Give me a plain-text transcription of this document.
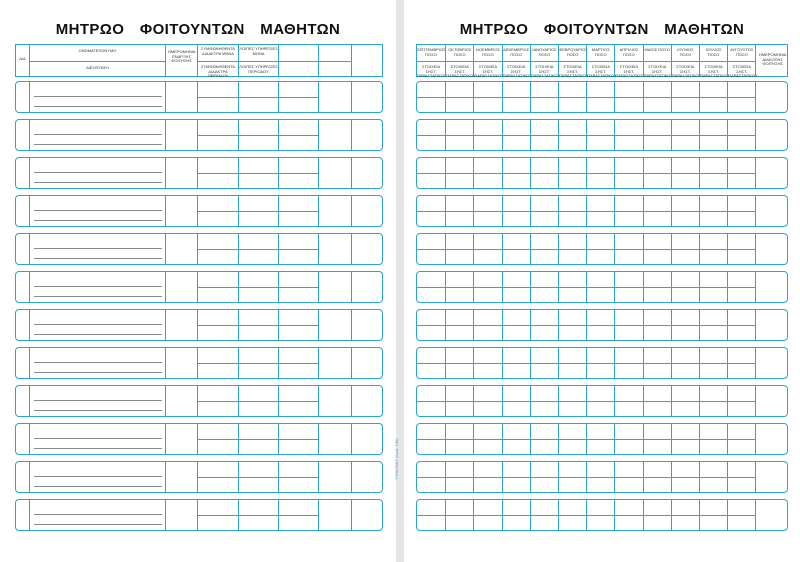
ΜΗΤΡΩΟ ΦΟΙΤΟΥΝΤΩΝ ΜΑΘΗΤΩΝ
Α/Α
ΟΝΟΜΑΤΕΠΩΝΥΜΟ
ΔΙΕΥΘΥΝΣΗ
ΗΜΕΡΟΜΗΝΙΑ ΕΝΑΡΞΗΣ ΦΟΙΤΗΣΗΣ
ΣΥΜΦΩΝΗΘΕΝΤΑ ΔΙΔΑΚΤΡΑ ΜΗΝΑ
ΣΥΜΦΩΝΗΘΕΝΤΑ ΔΙΔΑΚΤΡΑ ΠΕΡΙΟΔΟΥ
ΛΟΙΠΕΣ ΥΠΗΡΕΣΙΕΣ ΜΗΝΑ
ΛΟΙΠΕΣ ΥΠΗΡΕΣΙΕΣ ΠΕΡΙΟΔΟΥ
ΜΗΤΡΩΟ ΦΟΙΤΟΥΝΤΩΝ ΜΑΘΗΤΩΝ
ΣΕΠΤΕΜΒΡΙΟΣ ΠΟΣΟ
ΣΤΟΙΧΕΙΑ ΣΗΣΤ. ΠΑΡΑΣΤΑΤΙΚΟΥ
ΟΚΤΩΒΡΙΟΣ ΠΟΣΟ
ΣΤΟΙΧΕΙΑ ΣΗΣΤ. ΠΑΡΑΣΤΑΤΙΚΟΥ
ΝΟΕΜΒΡΙΟΣ ΠΟΣΟ
ΣΤΟΙΧΕΙΑ ΣΗΣΤ. ΠΑΡΑΣΤΑΤΙΚΟΥ
ΔΕΚΕΜΒΡΙΟΣ ΠΟΣΟ
ΣΤΟΙΧΕΙΑ ΣΗΣΤ. ΠΑΡΑΣΤΑΤΙΚΟΥ
ΙΑΝΟΥΑΡΙΟΣ ΠΟΣΟ
ΣΤΟΙΧΕΙΑ ΣΗΣΤ. ΠΑΡΑΣΤΑΤΙΚΟΥ
ΦΕΒΡΟΥΑΡΙΟΣ ΠΟΣΟ
ΣΤΟΙΧΕΙΑ ΣΗΣΤ. ΠΑΡΑΣΤΑΤΙΚΟΥ
ΜΑΡΤΙΟΣ ΠΟΣΟ
ΣΤΟΙΧΕΙΑ ΣΗΣΤ. ΠΑΡΑΣΤΑΤΙΚΟΥ
ΑΠΡΙΛΙΟΣ ΠΟΣΟ
ΣΤΟΙΧΕΙΑ ΣΗΣΤ. ΠΑΡΑΣΤΑΤΙΚΟΥ
ΜΑΙΟΣ ΠΟΣΟ
ΣΤΟΙΧΕΙΑ ΣΗΣΤ. ΠΑΡΑΣΤΑΤΙΚΟΥ
ΙΟΥΝΙΟΣ ΠΟΣΟ
ΣΤΟΙΧΕΙΑ ΣΗΣΤ. ΠΑΡΑΣΤΑΤΙΚΟΥ
ΙΟΥΛΙΟΣ ΠΟΣΟ
ΣΤΟΙΧΕΙΑ ΣΗΣΤ. ΠΑΡΑΣΤΑΤΙΚΟΥ
ΑΥΓΟΥΣΤΟΣ ΠΟΣΟ
ΣΤΟΙΧΕΙΑ ΣΗΣΤ. ΠΑΡΑΣΤΑΤΙΚΟΥ
ΗΜΕΡΟΜΗΝΙΑ ΔΙΑΚΟΠΗΣ ΦΟΙΤΗΣΗΣ
ΤΥΠΟΤΑΚΤ (Κωδ. 100)
